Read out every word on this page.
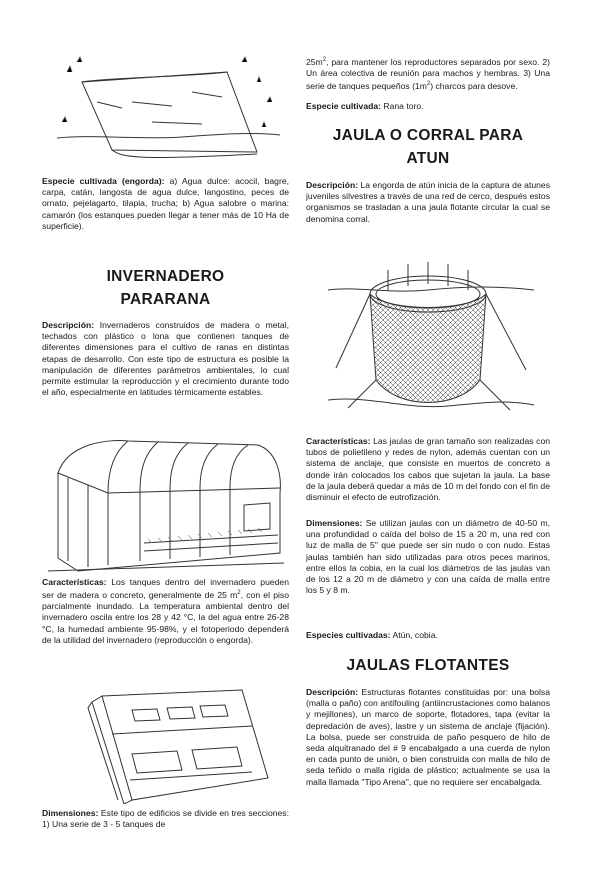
Especie cultivada (engorda): a) Agua dulce: acocil, bagre, carpa, catán, langosta de agua dulce, langostino, peces de ornato, pejelagarto, tilapia, trucha; b) Agua salobre o marina: camarón (los estanques pueden llegar a tener más de 10 Ha de superficie).

INVERNADERO
PARARANA

Descripción: Invernaderos construidos de madera o metal, techados con plástico o lona que contienen tanques de diferentes dimensiones para el cultivo de ranas en distintas etapas de desarrollo. Con este tipo de estructura es posible la manipulación de diferentes parámetros ambientales, lo cual permite estimular la reproducción y el crecimiento durante todo el año, especialmente en latitudes térmicamente estables.

Características: Los tanques dentro del invernadero pueden ser de madera o concreto, generalmente de 25 $m^2$, con el piso parcialmente inundado. La temperatura ambiental dentro del invernadero oscila entre los 28 y 42 °C, la del agua entre 26-28 °C, la humedad ambiente 95-98%, y el fotoperiodo dependerá de la utilidad del invernadero (reproducción o engorda).

Dimensiones: Este tipo de edificios se divide en tres secciones: 1) Una serie de 3 - 5 tanques de

$25m^2$, para mantener los reproductores separados por sexo. 2) Un área colectiva de reunión para machos y hembras. 3) Una serie de tanques pequeños $(1m^2)$ charcos para desove.

Especie cultivada: Rana toro.

JAULA O CORRAL PARA
ATUN

Descripción: La engorda de atún inicia de la captura de atunes juveniles silvestres a través de una red de cerco, después estos organismos se trasladan a una jaula flotante circular la cual se denomina corral.

Características: Las jaulas de gran tamaño son realizadas con tubos de polietileno y redes de nylon, además cuentan con un sistema de anclaje, que consiste en muertos de concreto a donde irán colocados los cabos que sujetan la jaula. La base de la jaula deberá quedar a más de 10 m del fondo con el fin de disminuir el efecto de eutrofización.

Dimensiones: Se utilizan jaulas con un diámetro de 40-50 m, una profundidad o caída del bolso de 15 a 20 m, una red con luz de malla de 5" que puede ser sin nudo o con nudo. Estas jaulas también han sido utilizadas para otros peces marinos, entre ellos la cobia, en la cual los diámetros de las jaulas van de los 12 a 20 m de diámetro y con una caída de malla entre los 5 y 8 m.

Especies cultivadas: Atún, cobia.

JAULAS FLOTANTES

Descripción: Estructuras flotantes constituidas por: una bolsa (malla o paño) con antifouling (antiincrustaciones como balanos y mejillones), un marco de soporte, flotadores, tapa (evitar la depredación de aves), lastre y un sistema de anclaje (fijación). La bolsa, puede ser construida de paño pesquero de hilo de seda alquitranado del # 9 encabalgado a una cuerda de nylon en cada punto de unión, o bien construida con malla de hilo de seda teñido o malla rígida de plástico; actualmente se usa la malla llamada "Tipo Arena", que no requiere ser encabalgada.
